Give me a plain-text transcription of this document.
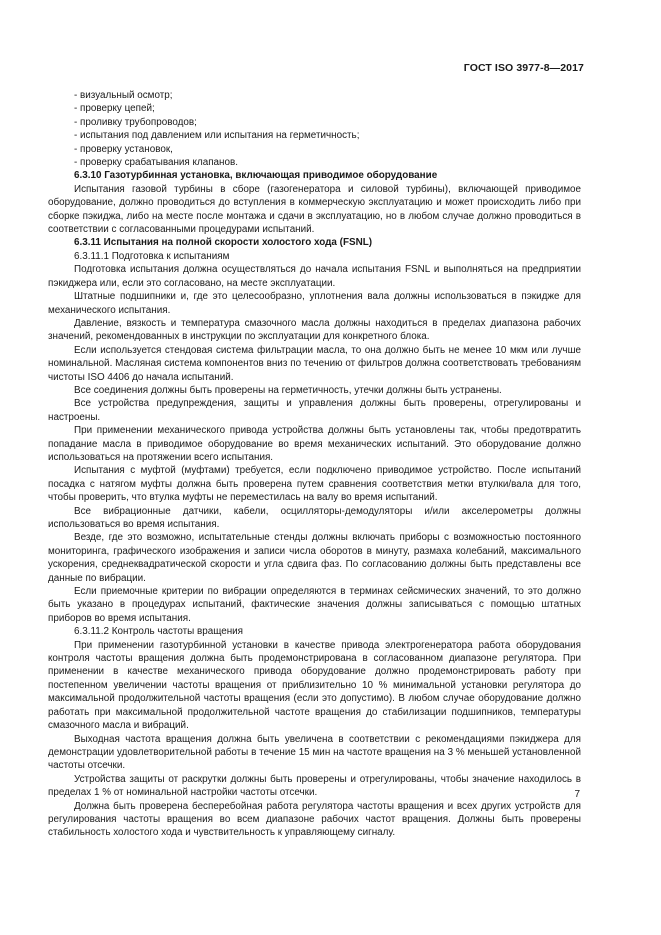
ГОСТ ISO 3977-8—2017
- визуальный осмотр;
- проверку цепей;
- проливку трубопроводов;
- испытания под давлением или испытания на герметичность;
- проверку установок,
- проверку срабатывания клапанов.

6.3.10 Газотурбинная установка, включающая приводимое оборудование

Испытания газовой турбины в сборе (газогенератора и силовой турбины), включающей приводимое оборудование, должно проводиться до вступления в коммерческую эксплуатацию и может происходить либо при сборке пэкиджа, либо на месте после монтажа и сдачи в эксплуатацию, но в любом случае должно проводиться в соответствии с согласованными процедурами испытаний.

6.3.11 Испытания на полной скорости холостого хода (FSNL)

6.3.11.1 Подготовка к испытаниям

Подготовка испытания должна осуществляться до начала испытания FSNL и выполняться на предприятии пэкиджера или, если это согласовано, на месте эксплуатации.

Штатные подшипники и, где это целесообразно, уплотнения вала должны использоваться в пэкидже для механического испытания.

Давление, вязкость и температура смазочного масла должны находиться в пределах диапазона рабочих значений, рекомендованных в инструкции по эксплуатации для конкретного блока.

Если используется стендовая система фильтрации масла, то она должно быть не менее 10 мкм или лучше номинальной. Масляная система компонентов вниз по течению от фильтров должна соответствовать требованиям чистоты ISO 4406 до начала испытаний.

Все соединения должны быть проверены на герметичность, утечки должны быть устранены.

Все устройства предупреждения, защиты и управления должны быть проверены, отрегулированы и настроены.

При применении механического привода устройства должны быть установлены так, чтобы предотвратить попадание масла в приводимое оборудование во время механических испытаний. Это оборудование должно использоваться на протяжении всего испытания.

Испытания с муфтой (муфтами) требуется, если подключено приводимое устройство. После испытаний посадка с натягом муфты должна быть проверена путем сравнения соответствия метки втулки/вала для того, чтобы проверить, что втулка муфты не переместилась на валу во время испытаний.

Все вибрационные датчики, кабели, осцилляторы-демодуляторы и/или акселерометры должны использоваться во время испытания.

Везде, где это возможно, испытательные стенды должны включать приборы с возможностью постоянного мониторинга, графического изображения и записи числа оборотов в минуту, размаха колебаний, максимального ускорения, среднеквадратической скорости и угла сдвига фаз. По согласованию должны быть представлены все данные по вибрации.

Если приемочные критерии по вибрации определяются в терминах сейсмических значений, то это должно быть указано в процедурах испытаний, фактические значения должны записываться с помощью штатных приборов во время испытания.

6.3.11.2 Контроль частоты вращения

При применении газотурбинной установки в качестве привода электрогенератора работа оборудования контроля частоты вращения должна быть продемонстрирована в согласованном диапазоне регулятора. При применении в качестве механического привода оборудование должно продемонстрировать работу при постепенном увеличении частоты вращения от приблизительно 10 % минимальной установки регулятора до максимальной продолжительной частоты вращения (если это допустимо). В любом случае оборудование должно работать при максимальной продолжительной частоте вращения до стабилизации подшипников, температуры смазочного масла и вибраций.

Выходная частота вращения должна быть увеличена в соответствии с рекомендациями пэкиджера для демонстрации удовлетворительной работы в течение 15 мин на частоте вращения на 3 % меньшей установленной частоты отсечки.

Устройства защиты от раскрутки должны быть проверены и отрегулированы, чтобы значение находилось в пределах 1 % от номинальной настройки частоты отсечки.

Должна быть проверена бесперебойная работа регулятора частоты вращения и всех других устройств для регулирования частоты вращения во всем диапазоне рабочих частот вращения. Должны быть проверены стабильность холостого хода и чувствительность к управляющему сигналу.

7
